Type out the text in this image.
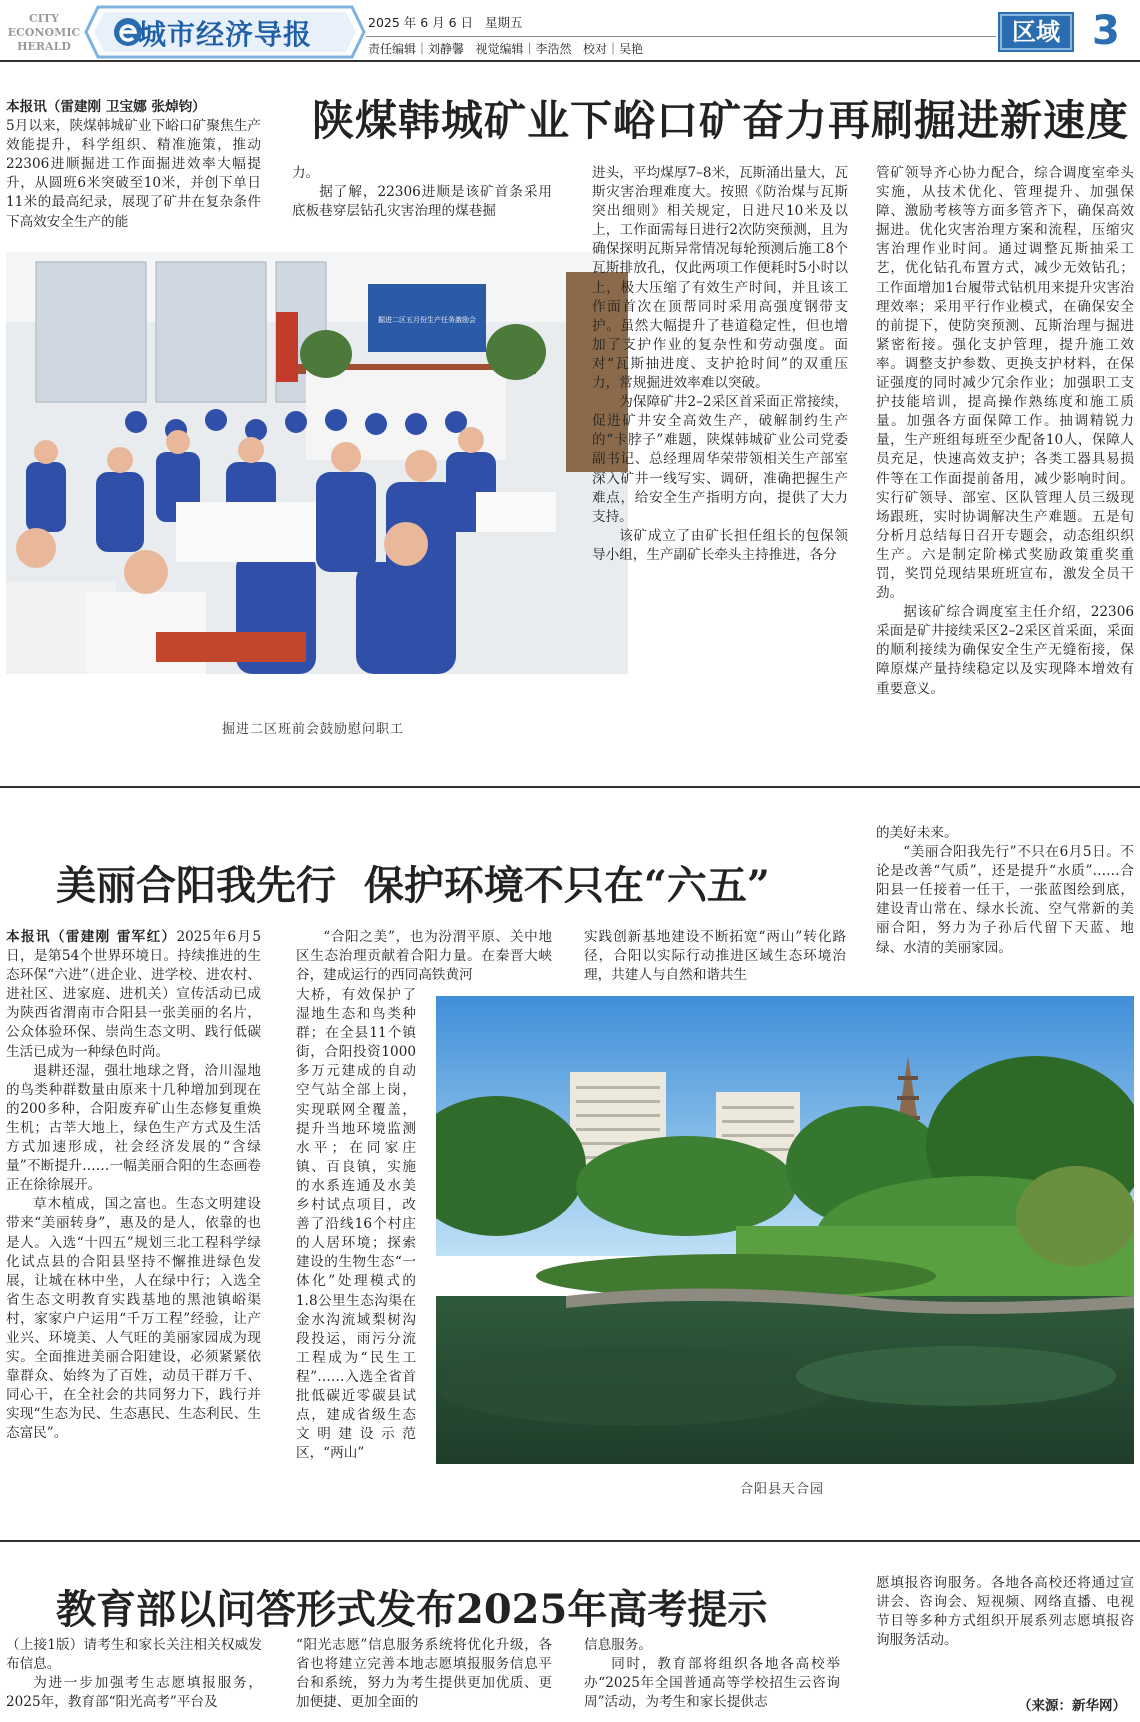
CITY
ECONOMIC
HERALD	城市经济导报	2025 年 6 月 6 日   星期五
责任编辑｜刘静馨 视觉编辑｜李浩然 校对｜吴艳
区域 3
陕煤韩城矿业下峪口矿奋力再刷掘进新速度

本报讯（雷建刚 卫宝娜 张焯钧）

5月以来，陕煤韩城矿业下峪口矿聚焦生产效能提升，科学组织、精准施策，推动22306进顺掘进工作面掘进效率大幅提升，从圆班6米突破至10米，并创下单日11米的最高纪录，展现了矿井在复杂条件下高效安全生产的能

力。

据了解，22306进顺是该矿首条采用底板巷穿层钻孔灾害治理的煤巷掘

掘进二区五月份生产任务激励会
掘进二区班前会鼓励慰问职工

进头，平均煤厚7–8米，瓦斯涌出量大，瓦斯灾害治理难度大。按照《防治煤与瓦斯突出细则》相关规定，日进尺10米及以上，工作面需每日进行2次防突预测，且为确保探明瓦斯异常情况每轮预测后施工8个瓦斯排放孔，仅此两项工作便耗时5小时以上，极大压缩了有效生产时间，并且该工作面首次在顶帮同时采用高强度钢带支护。虽然大幅提升了巷道稳定性，但也增加了支护作业的复杂性和劳动强度。面对“瓦斯抽进度、支护抢时间”的双重压力，常规掘进效率难以突破。

为保障矿井2–2采区首采面正常接续，促进矿井安全高效生产，破解制约生产的“卡脖子”难题，陕煤韩城矿业公司党委副书记、总经理周华荣带领相关生产部室深入矿井一线写实、调研，准确把握生产难点，给安全生产指明方向，提供了大力支持。

该矿成立了由矿长担任组长的包保领导小组，生产副矿长牵头主持推进，各分

管矿领导齐心协力配合，综合调度室牵头实施，从技术优化、管理提升、加强保障、激励考核等方面多管齐下，确保高效掘进。优化灾害治理方案和流程，压缩灾害治理作业时间。通过调整瓦斯抽采工艺，优化钻孔布置方式，减少无效钻孔；工作面增加1台履带式钻机用来提升灾害治理效率；采用平行作业模式，在确保安全的前提下，使防突预测、瓦斯治理与掘进紧密衔接。强化支护管理，提升施工效率。调整支护参数、更换支护材料，在保证强度的同时减少冗余作业；加强职工支护技能培训，提高操作熟练度和施工质量。加强各方面保障工作。抽调精锐力量，生产班组每班至少配备10人，保障人员充足，快速高效支护；各类工器具易损件等在工作面提前备用，减少影响时间。实行矿领导、部室、区队管理人员三级现场跟班，实时协调解决生产难题。五是旬分析月总结每日召开专题会，动态组织织生产。六是制定阶梯式奖励政策重奖重罚，奖罚兑现结果班班宣布，激发全员干劲。

据该矿综合调度室主任介绍，22306采面是矿井接续采区2–2采区首采面，采面的顺利接续为确保安全生产无缝衔接，保障原煤产量持续稳定以及实现降本增效有重要意义。

美丽合阳我先行  保护环境不只在“六五”

本报讯（雷建刚 雷军红）2025年6月5日，是第54个世界环境日。持续推进的生态环保“六进”（进企业、进学校、进农村、进社区、进家庭、进机关）宣传活动已成为陕西省渭南市合阳县一张美丽的名片，公众体验环保、崇尚生态文明、践行低碳生活已成为一种绿色时尚。

退耕还湿，强壮地球之肾，洽川湿地的鸟类种群数量由原来十几种增加到现在的200多种，合阳废弃矿山生态修复重焕生机；古莘大地上，绿色生产方式及生活方式加速形成，社会经济发展的“含绿量”不断提升……一幅美丽合阳的生态画卷正在徐徐展开。

草木植成，国之富也。生态文明建设带来“美丽转身”，惠及的是人，依靠的也是人。入选“十四五”规划三北工程科学绿化试点县的合阳县坚持不懈推进绿色发展，让城在林中坐，人在绿中行；入选全省生态文明教育实践基地的黑池镇峪渠村，家家户户运用“千万工程”经验，让产业兴、环境美、人气旺的美丽家园成为现实。全面推进美丽合阳建设，必须紧紧依靠群众、始终为了百姓，动员干群万千、同心干，在全社会的共同努力下，践行并实现“生态为民、生态惠民、生态利民、生态富民”。

“合阳之美”，也为汾渭平原、关中地区生态治理贡献着合阳力量。在秦晋大峡谷，建成运行的西同高铁黄河

大桥，有效保护了湿地生态和鸟类种群；在全县11个镇街，合阳投资1000多万元建成的自动空气站全部上岗，实现联网全覆盖，提升当地环境监测水平；在同家庄镇、百良镇，实施的水系连通及水美乡村试点项目，改善了沿线16个村庄的人居环境；探索建设的生物生态“一体化”处理模式的1.8公里生态沟渠在金水沟流域梨树沟段投运，雨污分流工程成为“民生工程”……入选全省首批低碳近零碳县试点，建成省级生态文明建设示范区，“两山”

实践创新基地建设不断拓宽“两山”转化路径，合阳以实际行动推进区域生态环境治理，共建人与自然和谐共生

的美好未来。

“美丽合阳我先行”不只在6月5日。不论是改善“气质”，还是提升“水质”……合阳县一任接着一任干，一张蓝图绘到底，建设青山常在、绿水长流、空气常新的美丽合阳，努力为子孙后代留下天蓝、地绿、水清的美丽家园。

合阳县天合园
教育部以问答形式发布2025年高考提示

（上接1版）请考生和家长关注相关权威发布信息。

为进一步加强考生志愿填报服务，2025年，教育部“阳光高考”平台及

“阳光志愿”信息服务系统将优化升级，各省也将建立完善本地志愿填报服务信息平台和系统，努力为考生提供更加优质、更加便捷、更加全面的

信息服务。

同时，教育部将组织各地各高校举办“2025年全国普通高等学校招生云咨询周”活动，为考生和家长提供志

愿填报咨询服务。各地各高校还将通过宣讲会、咨询会、短视频、网络直播、电视节目等多种方式组织开展系列志愿填报咨询服务活动。

（来源：新华网）
